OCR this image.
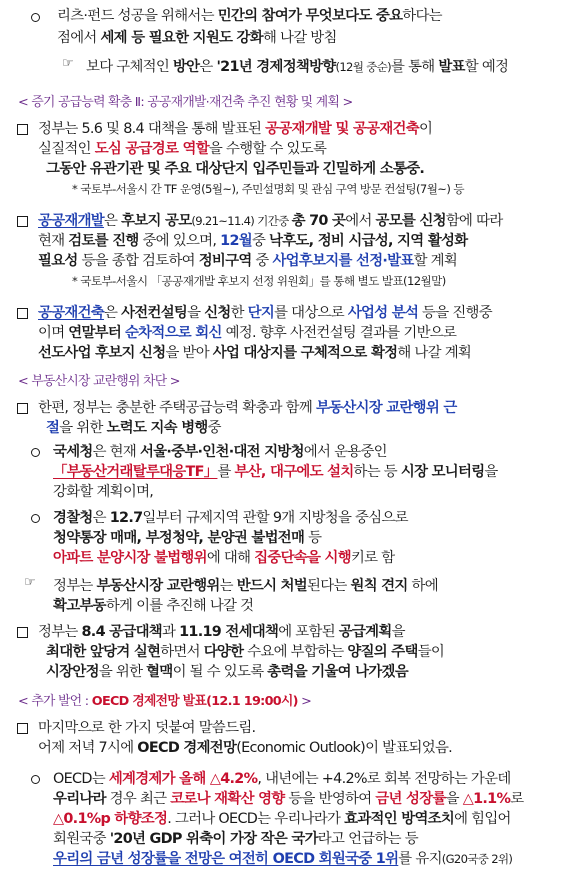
리츠·펀드 성공을 위해서는 민간의 참여가 무엇보다도 중요하다는
점에서 세제 등 필요한 지원도 강화해 나갈 방침
☞ 보다 구체적인 방안은 '21년 경제정책방향(12월 중순)를 통해 발표할 예정
< 증기 공급능력 확충 Ⅱ: 공공재개발·재건축 추진 현황 및 계획 >
정부는 5.6 및 8.4 대책을 통해 발표된 공공재개발 및 공공재건축이
실질적인 도심 공급경로 역할을 수행할 수 있도록
그동안 유관기관 및 주요 대상단지 입주민들과 긴밀하게 소통중.
* 국토부-서울시 간 TF 운영(5월~), 주민설명회 및 관심 구역 방문 컨설팅(7월~) 등
공공재개발은 후보지 공모(9.21~11.4) 기간중 총 70 곳에서 공모를 신청함에 따라
현재 검토를 진행 중에 있으며, 12월중 낙후도, 정비 시급성, 지역 활성화
필요성 등을 종합 검토하여 정비구역 중 사업후보지를 선정·발표할 계획
* 국토부-서울시 「공공재개발 후보지 선정 위원회」를 통해 별도 발표(12월말)
공공재건축은 사전컨설팅을 신청한 단지를 대상으로 사업성 분석 등을 진행중
이며 연말부터 순차적으로 회신 예정. 향후 사전컨설팅 결과를 기반으로
선도사업 후보지 신청을 받아 사업 대상지를 구체적으로 확정해 나갈 계획
< 부동산시장 교란행위 차단 >
한편, 정부는 충분한 주택공급능력 확충과 함께 부동산시장 교란행위 근
절을 위한 노력도 지속 병행중
국세청은 현재 서울·중부·인천·대전 지방청에서 운용중인
「부동산거래탈루대응TF」를 부산, 대구에도 설치하는 등 시장 모니터링을
강화할 계획이며,
경찰청은 12.7일부터 규제지역 관할 9개 지방청을 중심으로
청약통장 매매, 부정청약, 분양권 불법전매 등
아파트 분양시장 불법행위에 대해 집중단속을 시행키로 함
☞ 정부는 부동산시장 교란행위는 반드시 처벌된다는 원칙 견지 하에
확고부동하게 이를 추진해 나갈 것
정부는 8.4 공급대책과 11.19 전세대책에 포함된 공급계획을
최대한 앞당겨 실현하면서 다양한 수요에 부합하는 양질의 주택들이
시장안정을 위한 혈맥이 될 수 있도록 총력을 기울여 나가겠음
< 추가 발언 : OECD 경제전망 발표(12.1 19:00시) >
마지막으로 한 가지 덧붙여 말씀드림.
어제 저녁 7시에 OECD 경제전망(Economic Outlook)이 발표되었음.
OECD는 세계경제가 올해 △4.2%, 내년에는 +4.2%로 회복 전망하는 가운데
우리나라 경우 최근 코로나 재확산 영향 등을 반영하여 금년 성장률을 △1.1%로
△0.1%p 하향조정. 그러나 OECD는 우리나라가 효과적인 방역조치에 힘입어
회원국중 '20년 GDP 위축이 가장 작은 국가라고 언급하는 등
우리의 금년 성장률을 전망은 여전히 OECD 회원국중 1위를 유지(G20국중 2위)
